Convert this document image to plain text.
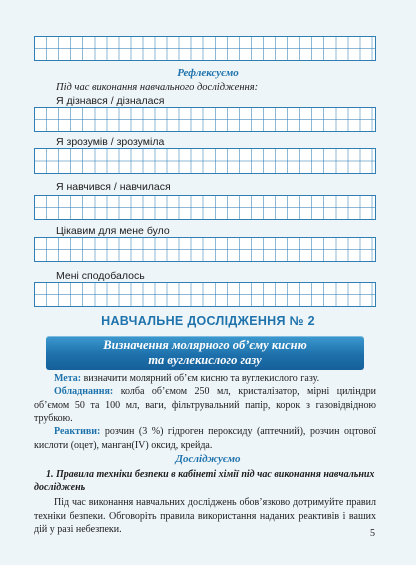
Рефлексуємо
Під час виконання навчального дослідження:
Я дізнався / дізналася
Я зрозумів / зрозуміла
Я навчився / навчилася
Цікавим для мене було
Мені сподобалось
НАВЧАЛЬНЕ ДОСЛІДЖЕННЯ № 2
Визначення молярного об’єму кисню
та вуглекислого газу
Мета: визначити молярний об’єм кисню та вуглекислого газу.
Обладнання: колба об’ємом 250 мл, кристалізатор, мірні циліндри об’ємом 50 та 100 мл, ваги, фільтрувальний папір, корок з газовідвідною трубкою.
Реактиви: розчин (3 %) гідроген пероксиду (аптечний), розчин оцтової кислоти (оцет), манган(IV) оксид, крейда.
Досліджуємо
1. Правила техніки безпеки в кабінеті хімії під час виконання навчальних досліджень
Під час виконання навчальних досліджень обов’язково дотримуйте правил техніки безпеки. Обговоріть правила використання наданих реактивів і ваших дій у разі небезпеки.	5
